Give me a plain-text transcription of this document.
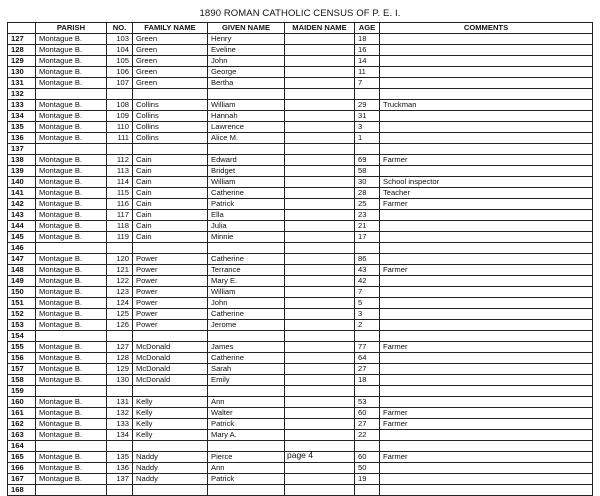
1890 ROMAN CATHOLIC CENSUS OF P. E. I.
	PARISH	NO.	FAMILY NAME	GIVEN NAME	MAIDEN NAME	AGE	COMMENTS
127	Montague B.	103	Green	Henry		18	
128	Montague B.	104	Green	Eveline		16	
129	Montague B.	105	Green	John		14	
130	Montague B.	106	Green	George		11	
131	Montague B.	107	Green	Bertha		7	
132							
133	Montague B.	108	Collins	William		29	Truckman
134	Montague B.	109	Collins	Hannah		31	
135	Montague B.	110	Collins	Lawrence		3	
136	Montague B.	111	Collins	Alice M.		1	
137							
138	Montague B.	112	Cain	Edward		69	Farmer
139	Montague B.	113	Cain	Bridget		58	
140	Montague B.	114	Cain	William		30	School inspector
141	Montague B.	115	Cain	Catherine		28	Teacher
142	Montague B.	116	Cain	Patrick		25	Farmer
143	Montague B.	117	Cain	Ella		23	
144	Montague B.	118	Cain	Julia		21	
145	Montague B.	119	Cain	Minnie		17	
146							
147	Montague B.	120	Power	Catherine		86	
148	Montague B.	121	Power	Terrance		43	Farmer
149	Montague B.	122	Power	Mary E.		42	
150	Montague B.	123	Power	William		7	
151	Montague B.	124	Power	John		5	
152	Montague B.	125	Power	Catherine		3	
153	Montague B.	126	Power	Jerome		2	
154							
155	Montague B.	127	McDonald	James		77	Farmer
156	Montague B.	128	McDonald	Catherine		64	
157	Montague B.	129	McDonald	Sarah		27	
158	Montague B.	130	McDonald	Emily		18	
159							
160	Montague B.	131	Kelly	Ann		53	
161	Montague B.	132	Kelly	Walter		60	Farmer
162	Montague B.	133	Kelly	Patrick		27	Farmer
163	Montague B.	134	Kelly	Mary A.		22	
164							
165	Montague B.	135	Naddy	Pierce		60	Farmer
166	Montague B.	136	Naddy	Ann		50	
167	Montague B.	137	Naddy	Patrick		19	
168							
page 4
